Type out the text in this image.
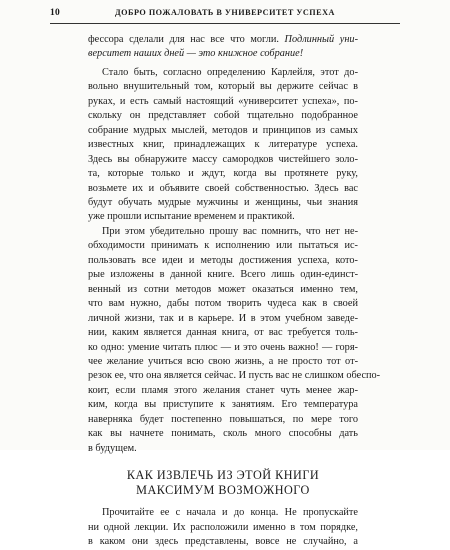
10	ДОБРО ПОЖАЛОВАТЬ В УНИВЕРСИТЕТ УСПЕХА
фессора сделали для нас все что могли. Подлинный уни-
верситет наших дней — это книжное собрание!
Стало быть, согласно определению Карлейля, этот до-
вольно внушительный том, который вы держите сейчас в
руках, и есть самый настоящий «университет успеха», по-
скольку он представляет собой тщательно подобранное
собрание мудрых мыслей, методов и принципов из самых
известных книг, принадлежащих к литературе успеха.
Здесь вы обнаружите массу самородков чистейшего золо-
та, которые только и ждут, когда вы протянете руку,
возьмете их и объявите своей собственностью. Здесь вас
будут обучать мудрые мужчины и женщины, чьи знания
уже прошли испытание временем и практикой.
При этом убедительно прошу вас помнить, что нет не-
обходимости принимать к исполнению или пытаться ис-
пользовать все идеи и методы достижения успеха, кото-
рые изложены в данной книге. Всего лишь один-единст-
венный из сотни методов может оказаться именно тем,
что вам нужно, дабы потом творить чудеса как в своей
личной жизни, так и в карьере. И в этом учебном заведе-
нии, каким является данная книга, от вас требуется толь-
ко одно: умение читать плюс — и это очень важно! — горя-
чее желание учиться всю свою жизнь, а не просто тот от-
резок ее, что она является сейчас. И пусть вас не слишком обеспо-
коит, если пламя этого желания станет чуть менее жар-
ким, когда вы приступите к занятиям. Его температура
наверняка будет постепенно повышаться, по мере того
как вы начнете понимать, сколь много способны дать
в будущем.
КАК ИЗВЛЕЧЬ ИЗ ЭТОЙ КНИГИ
МАКСИМУМ ВОЗМОЖНОГО
Прочитайте ее с начала и до конца. Не пропускайте
ни одной лекции. Их расположили именно в том порядке,
в каком они здесь представлены, вовсе не случайно, а
